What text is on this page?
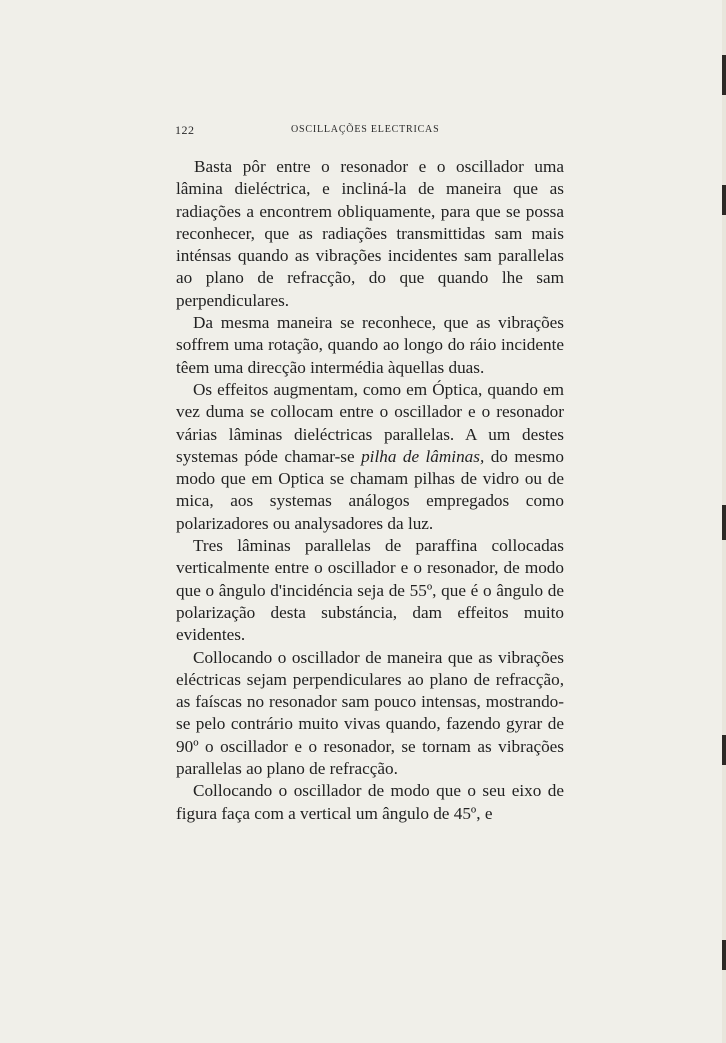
122	OSCILLAÇÕES ELECTRICAS

Basta pôr entre o resonador e o oscillador uma lâmina dieléctrica, e incliná-la de maneira que as radiações a encontrem obliquamente, para que se possa reconhecer, que as radiações transmittidas sam mais inténsas quando as vibrações incidentes sam parallelas ao plano de refracção, do que quando lhe sam perpendiculares.

Da mesma maneira se reconhece, que as vibrações soffrem uma rotação, quando ao longo do ráio incidente têem uma direcção intermédia àquellas duas.

Os effeitos augmentam, como em Óptica, quando em vez duma se collocam entre o oscillador e o resonador várias lâminas dieléctricas parallelas. A um destes systemas póde chamar-se pilha de lâminas, do mesmo modo que em Optica se chamam pilhas de vidro ou de mica, aos systemas análogos empregados como polarizadores ou analysadores da luz.

Tres lâminas parallelas de paraffina collocadas verticalmente entre o oscillador e o resonador, de modo que o ângulo d'incidéncia seja de 55º, que é o ângulo de polarização desta substáncia, dam effeitos muito evidentes.

Collocando o oscillador de maneira que as vibrações eléctricas sejam perpendiculares ao plano de refracção, as faíscas no resonador sam pouco intensas, mostrando-se pelo contrário muito vivas quando, fazendo gyrar de 90º o oscillador e o resonador, se tornam as vibrações parallelas ao plano de refracção.

Collocando o oscillador de modo que o seu eixo de figura faça com a vertical um ângulo de 45º, e
